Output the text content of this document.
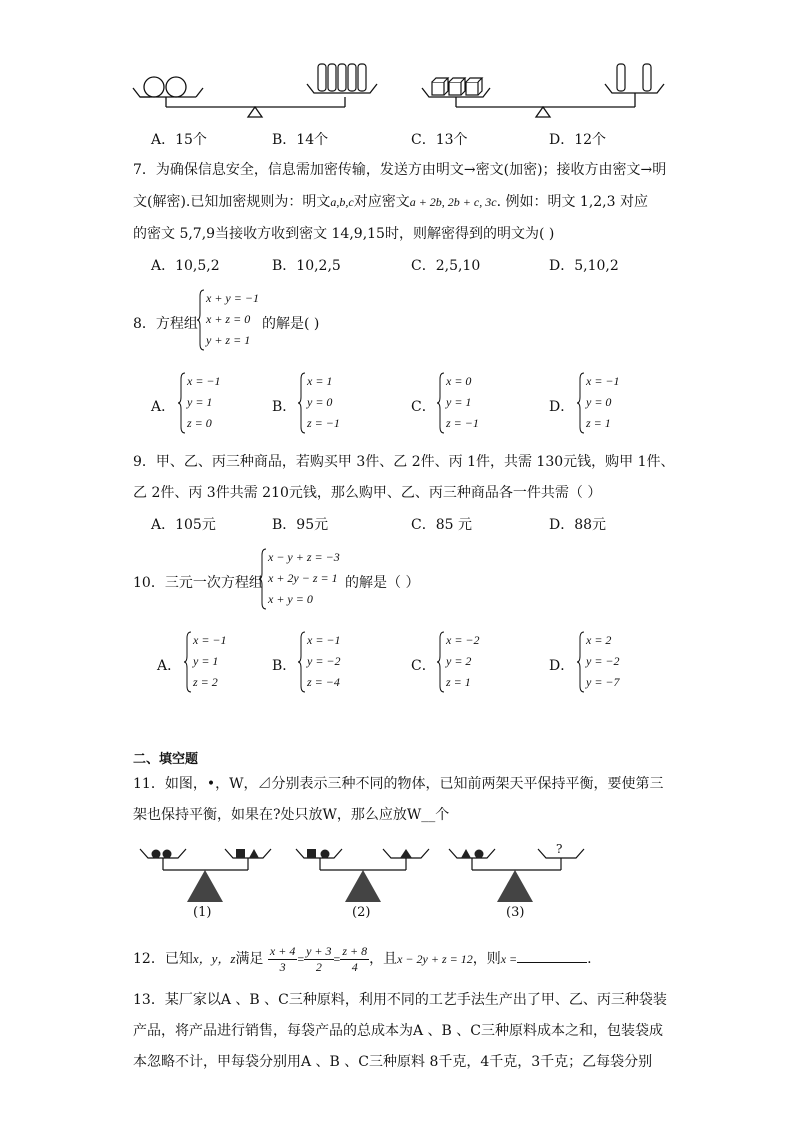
A．15个	B．14个	C．13个	D．12个
7．为确保信息安全，信息需加密传输，发送方由明文→密文(加密)；接收方由密文→明
文(解密).已知加密规则为：明文a,b,c对应密文a + 2b, 2b + c, 3c. 例如：明文 1,2,3 对应
的密文 5,7,9当接收方收到密文 14,9,15时，则解密得到的明文为( )
A．10,5,2	B．10,2,5	C．2,5,10	D．5,10,2
8．方程组
x + y = −1
x + z = 0
y + z = 1
的解是( )
A．
x = −1
y = 1
z = 0
B．
x = 1
y = 0
z = −1
C．
x = 0
y = 1
z = −1
D．
x = −1
y = 0
z = 1
9．甲、乙、丙三种商品，若购买甲 3件、乙 2件、丙 1件，共需 130元钱，购甲 1件、
乙 2件、丙 3件共需 210元钱，那么购甲、乙、丙三种商品各一件共需（ ）
A．105元	B．95元	C．85 元	D．88元
10．三元一次方程组
x − y + z = −3
x + 2y − z = 1
x + y = 0
的解是（ ）
A．
x = −1
y = 1
z = 2
B．
x = −1
y = −2
z = −4
C．
x = −2
y = 2
z = 1
D．
x = 2
y = −2
y = −7
二、填空题
11．如图，•，W，⊿分别表示三种不同的物体，已知前两架天平保持平衡，要使第三
架也保持平衡，如果在?处只放W，那么应放W__个
?
(1)	(2)	(3)
12．已知x，y，z满足 $\frac{x + 4}{3} = \frac{y + 3}{2} = \frac{z + 8}{4}$ ，且x − 2y + z = 12，则x =	.
13．某厂家以A 、B 、C三种原料，利用不同的工艺手法生产出了甲、乙、丙三种袋装
产品，将产品进行销售，每袋产品的总成本为A 、B 、C三种原料成本之和，包装袋成
本忽略不计，甲每袋分别用A 、B 、C三种原料 8千克，4千克，3千克；乙每袋分别
